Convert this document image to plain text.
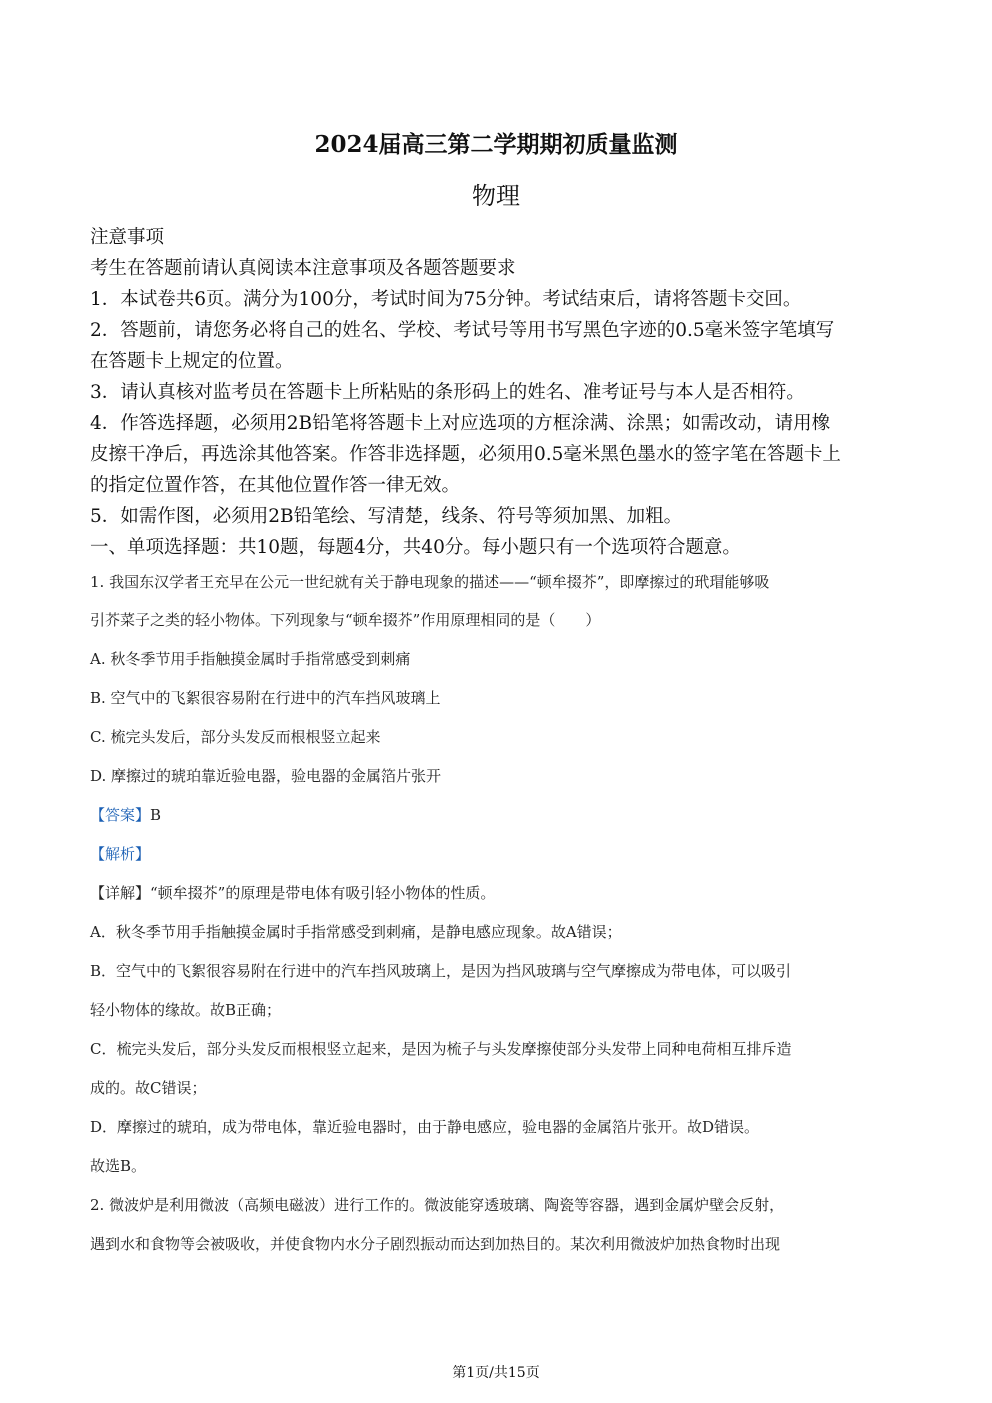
2024届高三第二学期期初质量监测
物理
注意事项
考生在答题前请认真阅读本注意事项及各题答题要求
1．本试卷共6页。满分为100分，考试时间为75分钟。考试结束后，请将答题卡交回。
2．答题前，请您务必将自己的姓名、学校、考试号等用书写黑色字迹的0.5毫米签字笔填写
在答题卡上规定的位置。
3．请认真核对监考员在答题卡上所粘贴的条形码上的姓名、准考证号与本人是否相符。
4．作答选择题，必须用2B铅笔将答题卡上对应选项的方框涂满、涂黑；如需改动，请用橡
皮擦干净后，再选涂其他答案。作答非选择题，必须用0.5毫米黑色墨水的签字笔在答题卡上
的指定位置作答，在其他位置作答一律无效。
5．如需作图，必须用2B铅笔绘、写清楚，线条、符号等须加黑、加粗。
一、单项选择题：共10题，每题4分，共40分。每小题只有一个选项符合题意。
1. 我国东汉学者王充早在公元一世纪就有关于静电现象的描述——“顿牟掇芥”，即摩擦过的玳瑁能够吸
引芥菜子之类的轻小物体。下列现象与“顿牟掇芥”作用原理相同的是（　　）
A. 秋冬季节用手指触摸金属时手指常感受到刺痛
B. 空气中的飞絮很容易附在行进中的汽车挡风玻璃上
C. 梳完头发后，部分头发反而根根竖立起来
D. 摩擦过的琥珀靠近验电器，验电器的金属箔片张开
【答案】B
【解析】
【详解】“顿牟掇芥”的原理是带电体有吸引轻小物体的性质。
A．秋冬季节用手指触摸金属时手指常感受到刺痛，是静电感应现象。故A错误；
B．空气中的飞絮很容易附在行进中的汽车挡风玻璃上，是因为挡风玻璃与空气摩擦成为带电体，可以吸引
轻小物体的缘故。故B正确；
C．梳完头发后，部分头发反而根根竖立起来，是因为梳子与头发摩擦使部分头发带上同种电荷相互排斥造
成的。故C错误；
D．摩擦过的琥珀，成为带电体，靠近验电器时，由于静电感应，验电器的金属箔片张开。故D错误。
故选B。
2. 微波炉是利用微波（高频电磁波）进行工作的。微波能穿透玻璃、陶瓷等容器，遇到金属炉壁会反射，
遇到水和食物等会被吸收，并使食物内水分子剧烈振动而达到加热目的。某次利用微波炉加热食物时出现
第1页/共15页
